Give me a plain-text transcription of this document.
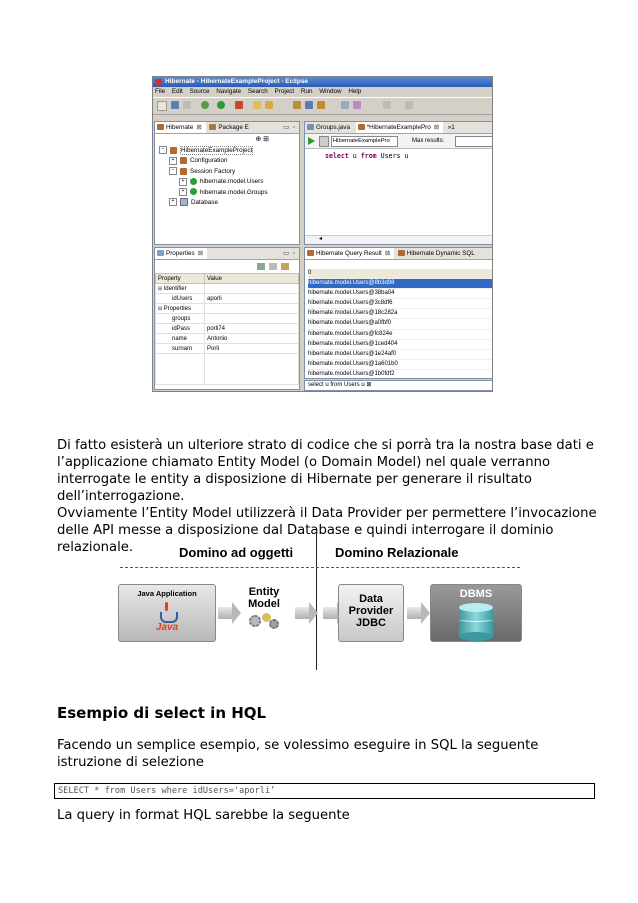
Hibernate - HibernateExampleProject - Eclipse
File Edit Source Navigate Search Project Run Window Help
Hibernate ⊠	Package E	▭ ▫
⊕ ⊞
−	HibernateExampleProject
+ Configuration
− Session Factory
+ hibernate.model.Users
+ hibernate.model.Groups
+	Database
Groups.java	*HibernateExamplePro ⊠ »1
HibernateExamplePro	Max results:
select u from Users u
◂
Properties ⊠	▭ ▫
Property	Value
⊟ Identifier	
idUsers	aporli
⊟ Properties	
groups	
idPass	porli74
name	Antonio
surnam	Porli

Hibernate Query Result ⊠	Hibernate Dynamic SQL
0
hibernate.model.Users@8b3d98
hibernate.model.Users@38ba04
hibernate.model.Users@3c8df6
hibernate.model.Users@18c282a
hibernate.model.Users@a0fbf0
hibernate.model.Users@fc824e
hibernate.model.Users@1ced404
hibernate.model.Users@1e24af0
hibernate.model.Users@1a601b0
hibernate.model.Users@1b0fdf2
select u from Users u ⊠

Di fatto esisterà un ulteriore strato di codice che si porrà tra la nostra base dati e

l’applicazione chiamato Entity Model (o Domain Model) nel quale verranno

interrogate le entity a disposizione di Hibernate per generare il risultato

dell’interrogazione.

Ovviamente l’Entity Model utilizzerà il Data Provider per permettere l’invocazione

delle API messe a disposizione dal Database e quindi interrogare il dominio

relazionale.	Domino ad oggetti	Domino Relazionale
Java Application
Java
Entity
Model	Data
Provider
JDBC
DBMS
Esempio di select in HQL

Facendo un semplice esempio, se volessimo eseguire in SQL la seguente

istruzione di selezione

SELECT * from Users where idUsers='aporli’

La query in format HQL sarebbe la seguente
